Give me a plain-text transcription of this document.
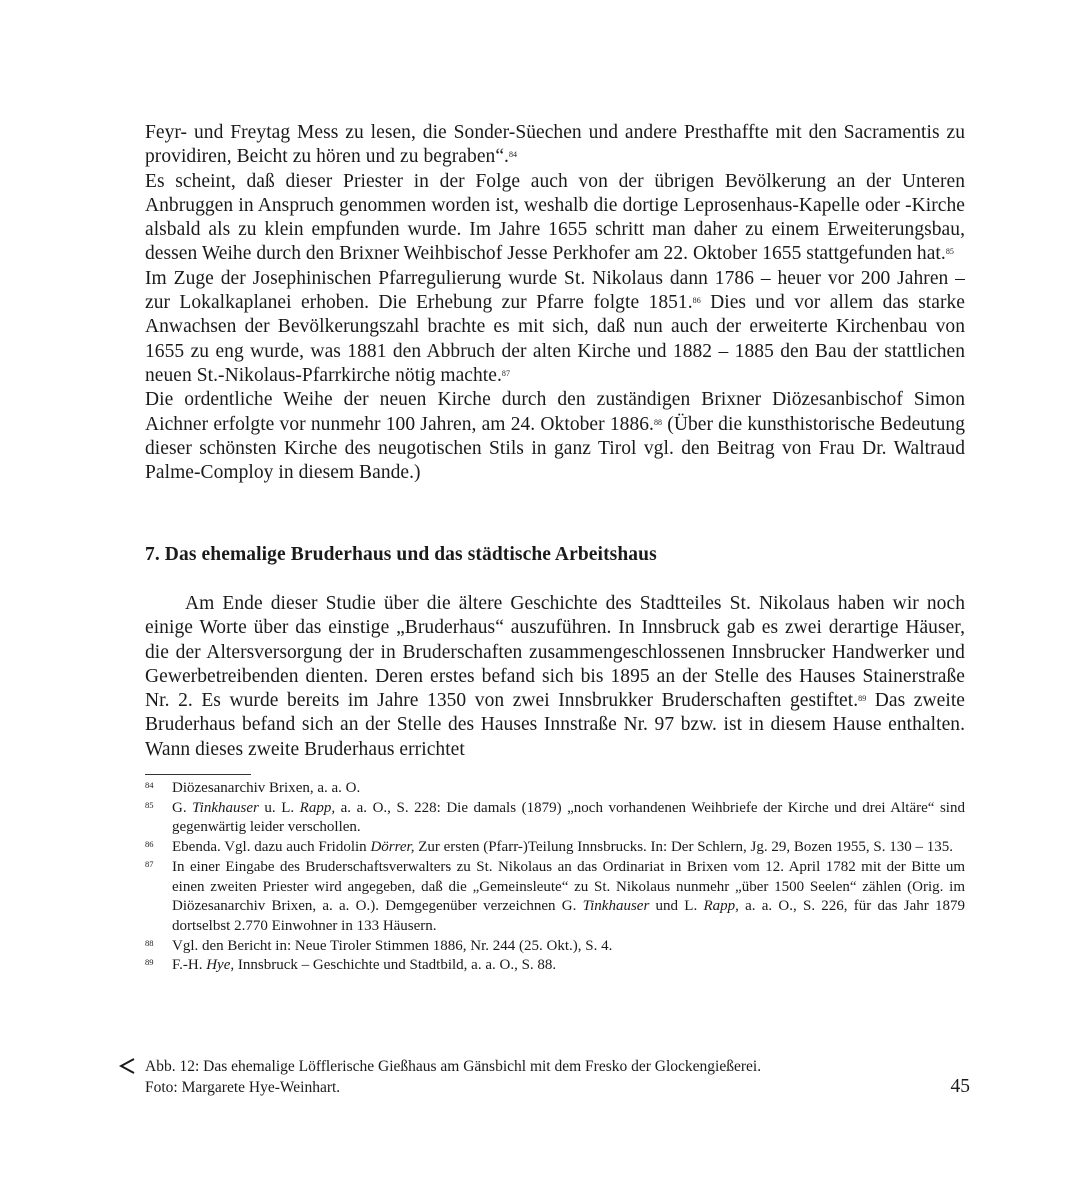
Feyr- und Freytag Mess zu lesen, die Sonder-Süechen und andere Presthaffte mit den Sacramentis zu providiren, Beicht zu hören und zu begraben“.$^{84}$

Es scheint, daß dieser Priester in der Folge auch von der übrigen Bevölkerung an der Unteren Anbruggen in Anspruch genommen worden ist, weshalb die dortige Leprosenhaus-Kapelle oder -Kirche alsbald als zu klein empfunden wurde. Im Jahre 1655 schritt man daher zu einem Erweiterungsbau, dessen Weihe durch den Brixner Weihbischof Jesse Perkhofer am 22. Oktober 1655 stattgefunden hat.$^{85}$

Im Zuge der Josephinischen Pfarregulierung wurde St. Nikolaus dann 1786 – heuer vor 200 Jahren – zur Lokalkaplanei erhoben. Die Erhebung zur Pfarre folgte 1851.86 Dies und vor allem das starke Anwachsen der Bevölkerungszahl brachte es mit sich, daß nun auch der erweiterte Kirchenbau von 1655 zu eng wurde, was 1881 den Abbruch der alten Kirche und 1882 – 1885 den Bau der stattlichen neuen St.-Nikolaus-Pfarrkirche nötig machte.$^{87}$

Die ordentliche Weihe der neuen Kirche durch den zuständigen Brixner Diözesanbischof Simon Aichner erfolgte vor nunmehr 100 Jahren, am 24. Oktober 1886.88 (Über die kunsthistorische Bedeutung dieser schönsten Kirche des neugotischen Stils in ganz Tirol vgl. den Beitrag von Frau Dr. Waltraud Palme-Comploy in diesem Bande.)

7. Das ehemalige Bruderhaus und das städtische Arbeitshaus

Am Ende dieser Studie über die ältere Geschichte des Stadtteiles St. Nikolaus haben wir noch einige Worte über das einstige „Bruderhaus“ auszuführen. In Innsbruck gab es zwei derartige Häuser, die der Altersversorgung der in Bruderschaften zusammengeschlossenen Innsbrucker Handwerker und Gewerbetreibenden dienten. Deren erstes befand sich bis 1895 an der Stelle des Hauses Stainerstraße Nr. 2. Es wurde bereits im Jahre 1350 von zwei Innsbrukker Bruderschaften gestiftet.$^{89}$ Das zweite Bruderhaus befand sich an der Stelle des Hauses Innstraße Nr. 97 bzw. ist in diesem Hause enthalten. Wann dieses zweite Bruderhaus errichtet

84 Diözesanarchiv Brixen, a. a. O.

85 G. Tinkhauser u. L. Rapp, a. a. O., S. 228: Die damals (1879) „noch vorhandenen Weihbriefe der Kirche und drei Altäre“ sind gegenwärtig leider verschollen.

86 Ebenda. Vgl. dazu auch Fridolin Dörrer, Zur ersten (Pfarr-)Teilung Innsbrucks. In: Der Schlern, Jg. 29, Bozen 1955, S. 130 – 135.

87 In einer Eingabe des Bruderschaftsverwalters zu St. Nikolaus an das Ordinariat in Brixen vom 12. April 1782 mit der Bitte um einen zweiten Priester wird angegeben, daß die „Gemeinsleute“ zu St. Nikolaus nunmehr „über 1500 Seelen“ zählen (Orig. im Diözesanarchiv Brixen, a. a. O.). Demgegenüber verzeichnen G. Tinkhauser und L. Rapp, a. a. O., S. 226, für das Jahr 1879 dortselbst 2.770 Einwohner in 133 Häusern.

88 Vgl. den Bericht in: Neue Tiroler Stimmen 1886, Nr. 244 (25. Okt.), S. 4.

89 F.-H. Hye, Innsbruck – Geschichte und Stadtbild, a. a. O., S. 88.

Abb. 12: Das ehemalige Löfflerische Gießhaus am Gänsbichl mit dem Fresko der Glockengießerei.

Foto: Margarete Hye-Weinhart.	45
